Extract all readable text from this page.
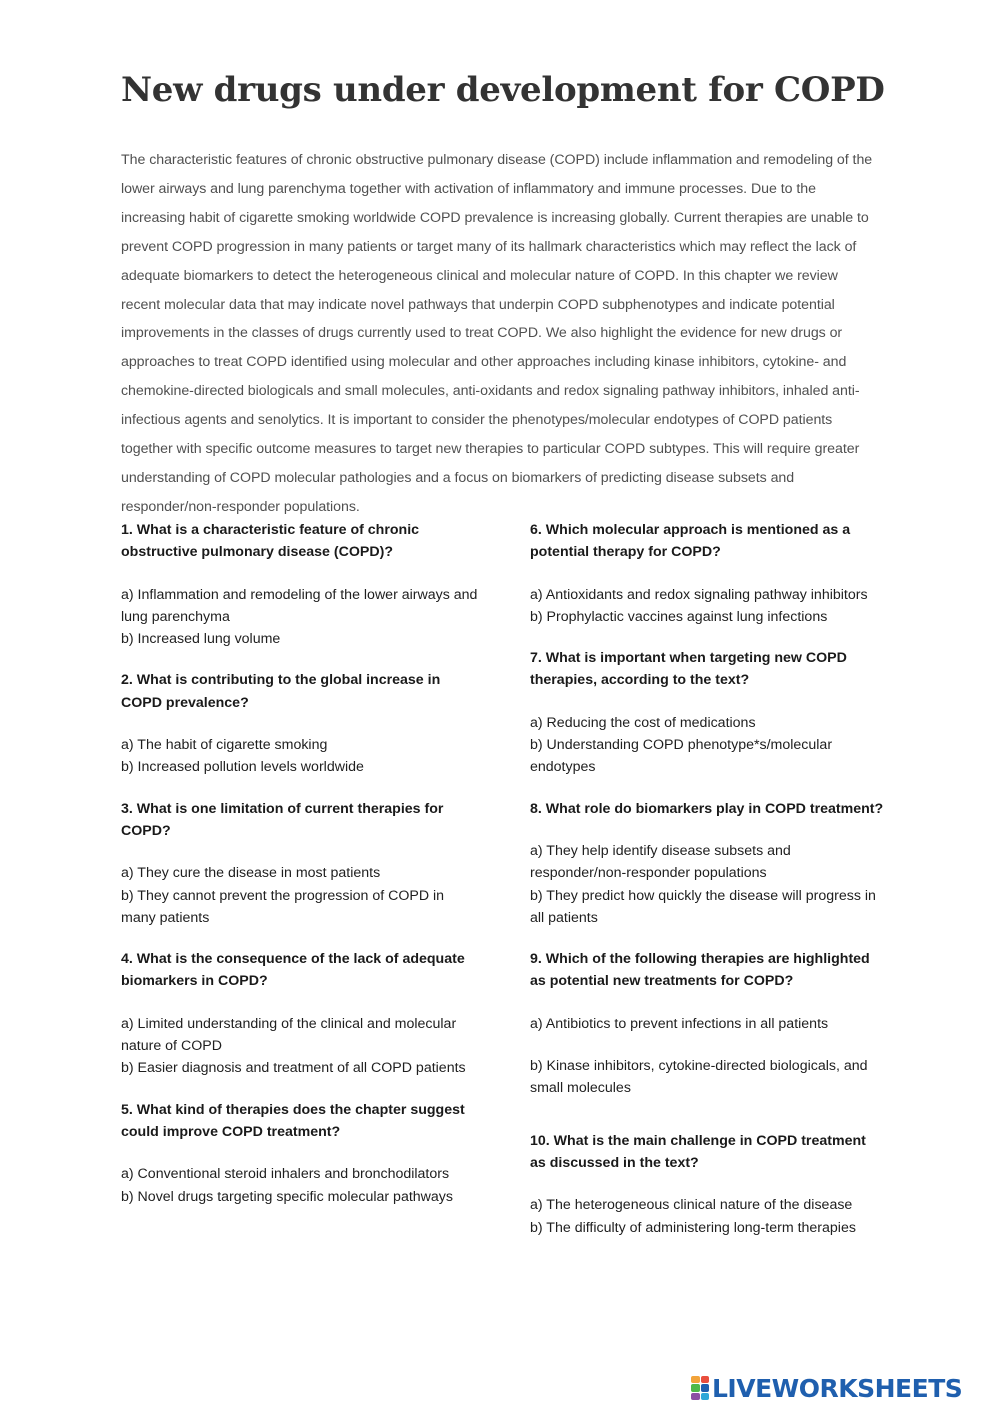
New drugs under development for COPD

The characteristic features of chronic obstructive pulmonary disease (COPD) include inflammation and remodeling of the lower airways and lung parenchyma together with activation of inflammatory and immune processes. Due to the increasing habit of cigarette smoking worldwide COPD prevalence is increasing globally. Current therapies are unable to prevent COPD progression in many patients or target many of its hallmark characteristics which may reflect the lack of adequate biomarkers to detect the heterogeneous clinical and molecular nature of COPD. In this chapter we review recent molecular data that may indicate novel pathways that underpin COPD subphenotypes and indicate potential improvements in the classes of drugs currently used to treat COPD. We also highlight the evidence for new drugs or approaches to treat COPD identified using molecular and other approaches including kinase inhibitors, cytokine- and chemokine-directed biologicals and small molecules, anti-oxidants and redox signaling pathway inhibitors, inhaled anti-infectious agents and senolytics. It is important to consider the phenotypes/molecular endotypes of COPD patients together with specific outcome measures to target new therapies to particular COPD subtypes. This will require greater understanding of COPD molecular pathologies and a focus on biomarkers of predicting disease subsets and responder/non-responder populations.

1. What is a characteristic feature of chronic obstructive pulmonary disease (COPD)?

a) Inflammation and remodeling of the lower airways and lung parenchyma

b) Increased lung volume

2. What is contributing to the global increase in COPD prevalence?

a) The habit of cigarette smoking

b) Increased pollution levels worldwide

3. What is one limitation of current therapies for COPD?

a) They cure the disease in most patients

b) They cannot prevent the progression of COPD in many patients

4. What is the consequence of the lack of adequate biomarkers in COPD?

a) Limited understanding of the clinical and molecular nature of COPD

b) Easier diagnosis and treatment of all COPD patients

5. What kind of therapies does the chapter suggest could improve COPD treatment?

a) Conventional steroid inhalers and bronchodilators

b) Novel drugs targeting specific molecular pathways

6. Which molecular approach is mentioned as a potential therapy for COPD?

a) Antioxidants and redox signaling pathway inhibitors

b) Prophylactic vaccines against lung infections

7. What is important when targeting new COPD therapies, according to the text?

a) Reducing the cost of medications

b) Understanding COPD phenotype*s/molecular endotypes

8. What role do biomarkers play in COPD treatment?

a) They help identify disease subsets and responder/non-responder populations

b) They predict how quickly the disease will progress in all patients

9. Which of the following therapies are highlighted as potential new treatments for COPD?

a) Antibiotics to prevent infections in all patients

b) Kinase inhibitors, cytokine-directed biologicals, and small molecules

10. What is the main challenge in COPD treatment as discussed in the text?

a) The heterogeneous clinical nature of the disease

b) The difficulty of administering long-term therapies

LIVEWORKSHEETS
